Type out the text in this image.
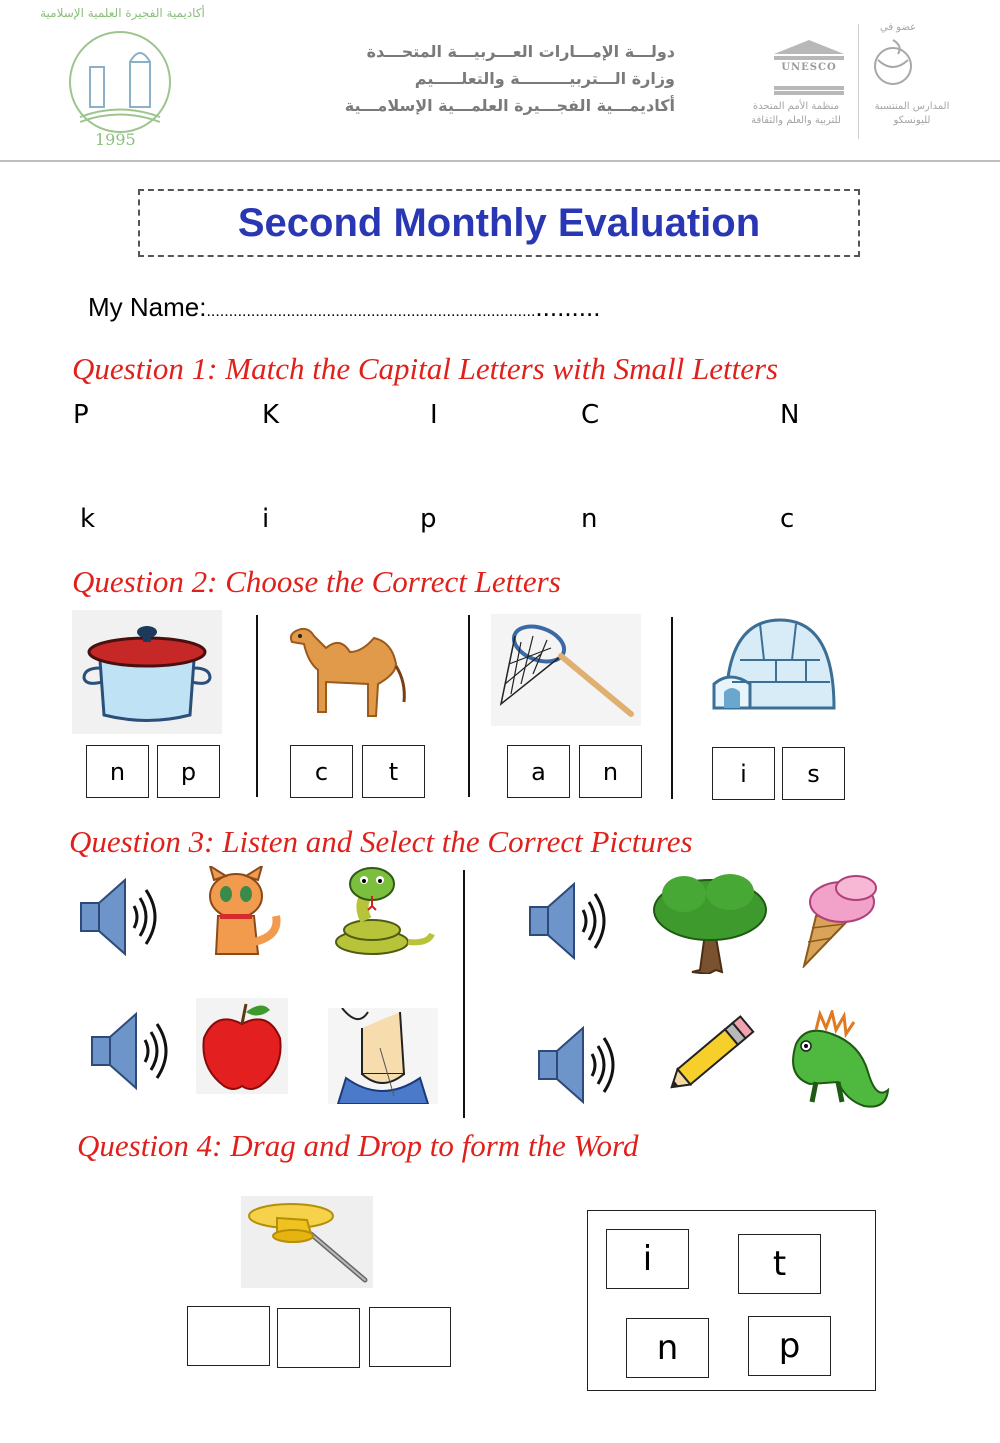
أكاديمية الفجيرة العلمية الإسلامية
1995
دولـــة الإمـــارات العـــربيـــة المتحـــدة
وزارة الـــتربيـــــــــة والتعلـــــيم
أكاديمـــية الفجـــيرة العلمـــية الإسلامـــية
UNESCO
منظمة الأمم المتحدة للتربية والعلم والثقافة
عضو في
المدارس المنتسبة لليونسكو
Second Monthly Evaluation
My Name:...................................................................................
Question 1: Match the Capital Letters with Small Letters
P	K	I	C	N
k	i	p	n	c
Question 2: Choose the Correct Letters
n	p	c	t	a	n	i	s
Question 3: Listen and Select the Correct Pictures
Question 4: Drag and Drop to form the Word
i	t
n	p
